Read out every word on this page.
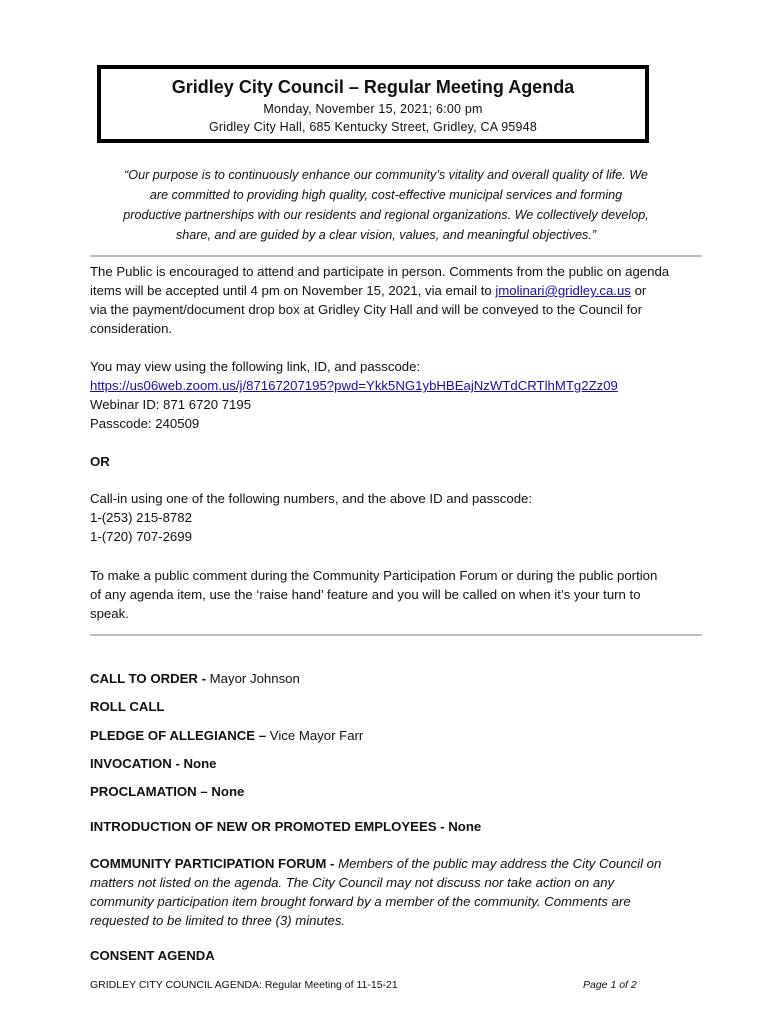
Gridley City Council – Regular Meeting Agenda
Monday, November 15, 2021; 6:00 pm
Gridley City Hall, 685 Kentucky Street, Gridley, CA 95948
“Our purpose is to continuously enhance our community’s vitality and overall quality of life. We
are committed to providing high quality, cost-effective municipal services and forming
productive partnerships with our residents and regional organizations. We collectively develop,
share, and are guided by a clear vision, values, and meaningful objectives.”

The Public is encouraged to attend and participate in person. Comments from the public on agenda

items will be accepted until 4 pm on November 15, 2021, via email to jmolinari@gridley.ca.us or

via the payment/document drop box at Gridley City Hall and will be conveyed to the Council for

consideration.

You may view using the following link, ID, and passcode:

https://us06web.zoom.us/j/87167207195?pwd=Ykk5NG1ybHBEajNzWTdCRTlhMTg2Zz09

Webinar ID: 871 6720 7195

Passcode: 240509

OR

Call-in using one of the following numbers, and the above ID and passcode:

1-(253) 215-8782

1-(720) 707-2699

To make a public comment during the Community Participation Forum or during the public portion

of any agenda item, use the ‘raise hand’ feature and you will be called on when it’s your turn to

speak.

CALL TO ORDER - Mayor Johnson
ROLL CALL
PLEDGE OF ALLEGIANCE – Vice Mayor Farr
INVOCATION - None
PROCLAMATION – None
INTRODUCTION OF NEW OR PROMOTED EMPLOYEES - None
COMMUNITY PARTICIPATION FORUM - Members of the public may address the City Council on
matters not listed on the agenda. The City Council may not discuss nor take action on any
community participation item brought forward by a member of the community. Comments are
requested to be limited to three (3) minutes.
CONSENT AGENDA
GRIDLEY CITY COUNCIL AGENDA: Regular Meeting of 11-15-21	Page 1 of 2
